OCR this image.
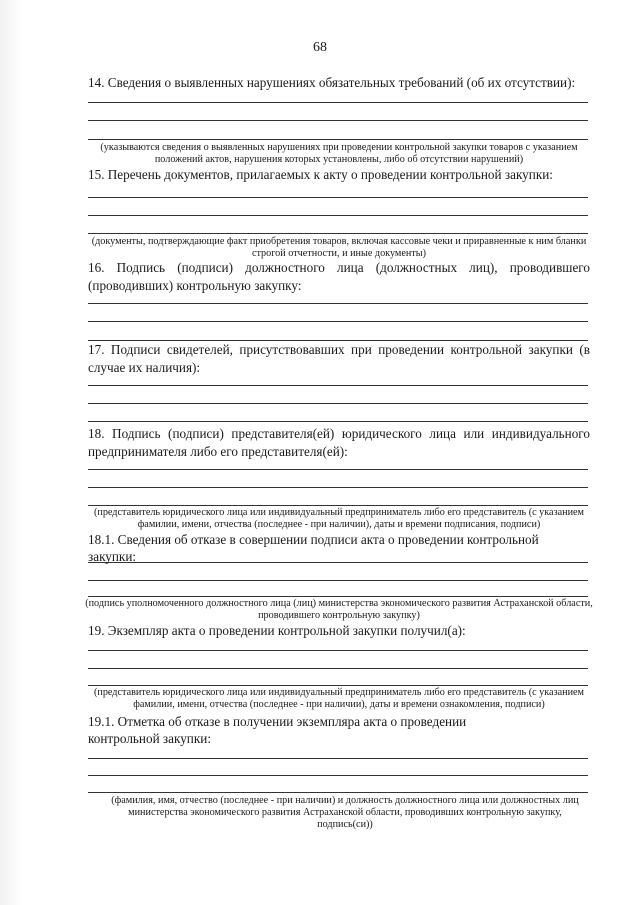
68
14. Сведения о выявленных нарушениях обязательных требований (об их отсутствии):
(указываются сведения о выявленных нарушениях при проведении контрольной закупки товаров с указанием положений актов, нарушения которых установлены, либо об отсутствии нарушений)
15. Перечень документов, прилагаемых к акту о проведении контрольной закупки:
(документы, подтверждающие факт приобретения товаров, включая кассовые чеки и приравненные к ним бланки строгой отчетности, и иные документы)
16. Подпись (подписи) должностного лица (должностных лиц), проводившего
(проводивших) контрольную закупку:
17. Подписи свидетелей, присутствовавших при проведении контрольной закупки (в
случае их наличия):
18. Подпись (подписи) представителя(ей) юридического лица или индивидуального
предпринимателя либо его представителя(ей):
(представитель юридического лица или индивидуальный предприниматель либо его представитель (с указанием фамилии, имени, отчества (последнее - при наличии), даты и времени подписания, подписи)
18.1. Сведения об отказе в совершении подписи акта о проведении контрольной закупки:
(подпись уполномоченного должностного лица (лиц) министерства экономического развития Астраханской области, проводившего контрольную закупку)
19. Экземпляр акта о проведении контрольной закупки получил(а):
(представитель юридического лица или индивидуальный предприниматель либо его представитель (с указанием фамилии, имени, отчества (последнее - при наличии), даты и времени ознакомления, подписи)
19.1. Отметка об отказе в получении экземпляра акта о проведении
контрольной закупки:
(фамилия, имя, отчество (последнее - при наличии) и должность должностного лица или должностных лиц министерства экономического развития Астраханской области, проводивших контрольную закупку, подпись(си))
